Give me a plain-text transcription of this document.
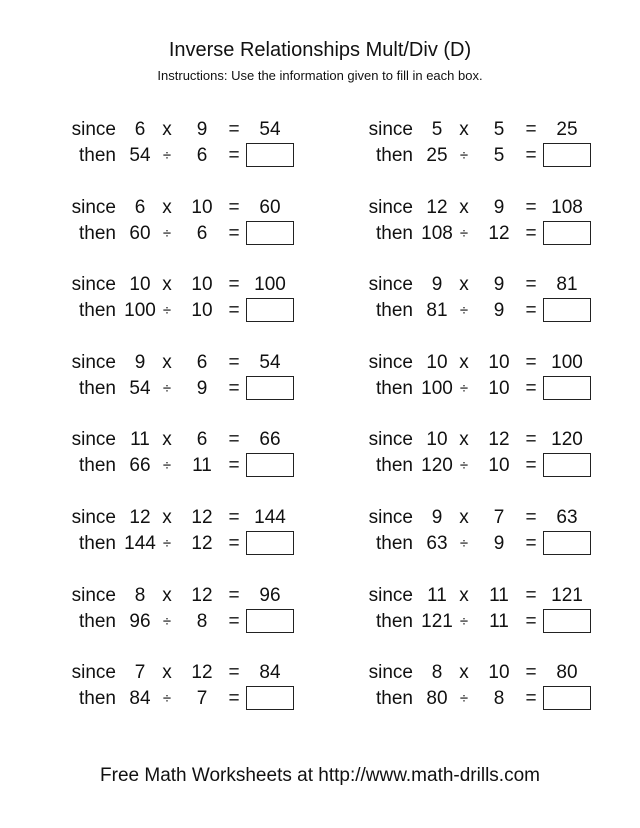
Inverse Relationships Mult/Div (D)
Instructions: Use the information given to fill in each box.
since 6 x	9	=	54
then 54 ÷	6	=
since 6 x	10 =	60
then 60 ÷	6	=
since 10 x	10 = 100
then 100 ÷	10 =
since 9 x	6	=	54
then 54 ÷	9	=
since 11 x	6	=	66
then 66 ÷	11 =
since 12 x	12 = 144
then 144 ÷	12 =
since 8 x	12 =	96
then 96 ÷	8	=
since 7 x	12 =	84
then 84 ÷	7	=
since 5 x	5	=	25
then 25 ÷	5	=
since 12 x	9	= 108
then 108 ÷	12 =
since 9 x	9	=	81
then 81 ÷	9	=
since 10 x	10 = 100
then 100 ÷	10 =
since 10 x	12 = 120
then 120 ÷	10 =
since 9 x	7	=	63
then 63 ÷	9	=
since 11 x	11 = 121
then 121 ÷	11 =
since 8 x	10 =	80
then 80 ÷	8	=
Free Math Worksheets at http://www.math-drills.com
